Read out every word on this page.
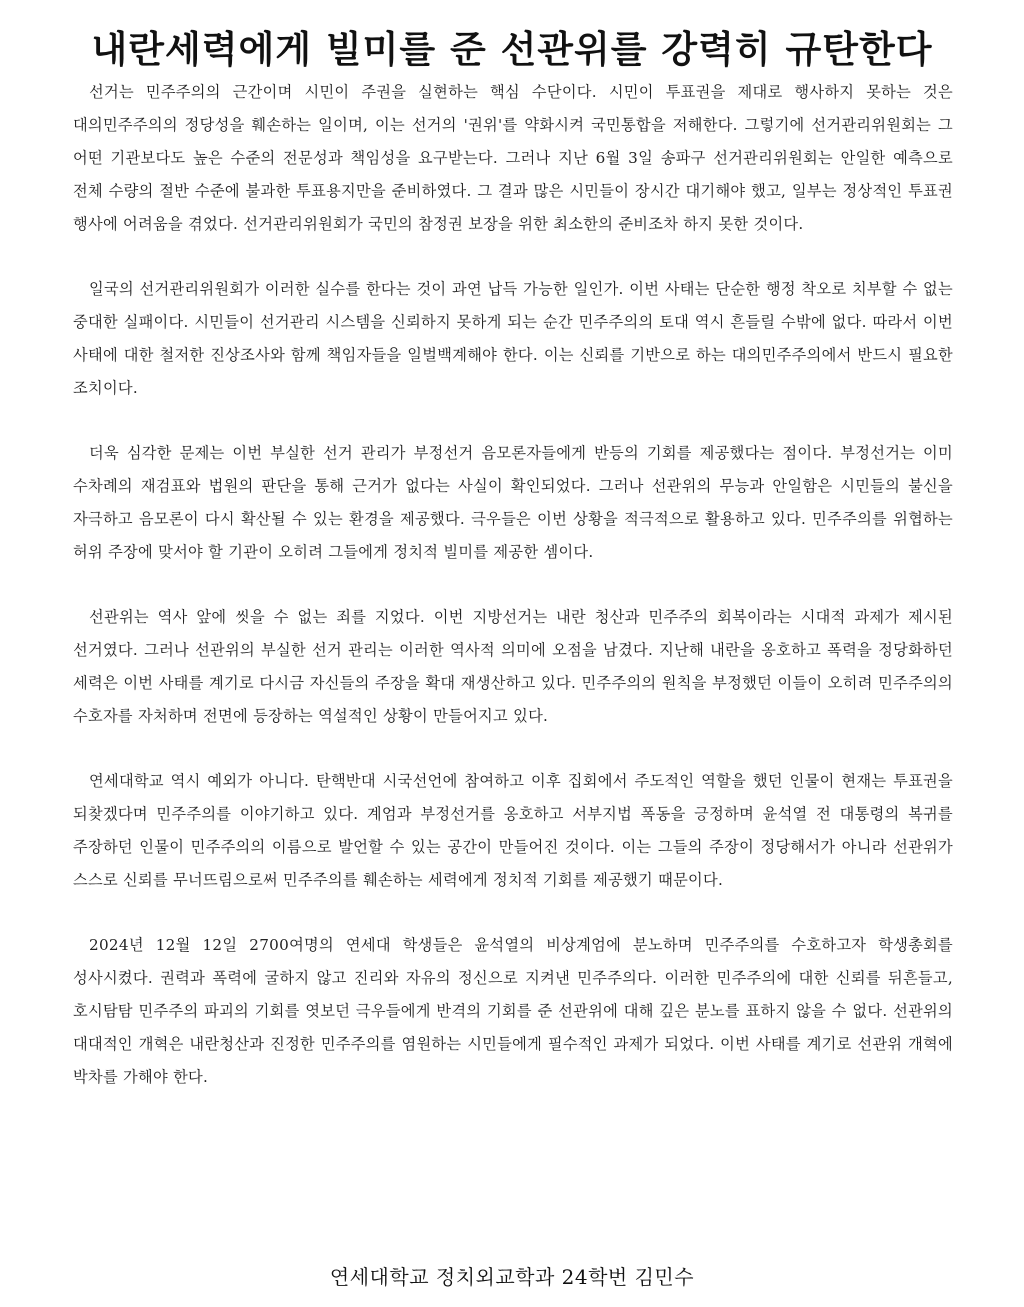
내란세력에게 빌미를 준 선관위를 강력히 규탄한다

선거는 민주주의의 근간이며 시민이 주권을 실현하는 핵심 수단이다. 시민이 투표권을 제대로 행사하지 못하는 것은 대의민주주의의 정당성을 훼손하는 일이며, 이는 선거의 '권위'를 약화시켜 국민통합을 저해한다. 그렇기에 선거관리위원회는 그 어떤 기관보다도 높은 수준의 전문성과 책임성을 요구받는다. 그러나 지난 6월 3일 송파구 선거관리위원회는 안일한 예측으로 전체 수량의 절반 수준에 불과한 투표용지만을 준비하였다. 그 결과 많은 시민들이 장시간 대기해야 했고, 일부는 정상적인 투표권 행사에 어려움을 겪었다. 선거관리위원회가 국민의 참정권 보장을 위한 최소한의 준비조차 하지 못한 것이다.

일국의 선거관리위원회가 이러한 실수를 한다는 것이 과연 납득 가능한 일인가. 이번 사태는 단순한 행정 착오로 치부할 수 없는 중대한 실패이다. 시민들이 선거관리 시스템을 신뢰하지 못하게 되는 순간 민주주의의 토대 역시 흔들릴 수밖에 없다. 따라서 이번 사태에 대한 철저한 진상조사와 함께 책임자들을 일벌백계해야 한다. 이는 신뢰를 기반으로 하는 대의민주주의에서 반드시 필요한 조치이다.

더욱 심각한 문제는 이번 부실한 선거 관리가 부정선거 음모론자들에게 반등의 기회를 제공했다는 점이다. 부정선거는 이미 수차례의 재검표와 법원의 판단을 통해 근거가 없다는 사실이 확인되었다. 그러나 선관위의 무능과 안일함은 시민들의 불신을 자극하고 음모론이 다시 확산될 수 있는 환경을 제공했다. 극우들은 이번 상황을 적극적으로 활용하고 있다. 민주주의를 위협하는 허위 주장에 맞서야 할 기관이 오히려 그들에게 정치적 빌미를 제공한 셈이다.

선관위는 역사 앞에 씻을 수 없는 죄를 지었다. 이번 지방선거는 내란 청산과 민주주의 회복이라는 시대적 과제가 제시된 선거였다. 그러나 선관위의 부실한 선거 관리는 이러한 역사적 의미에 오점을 남겼다. 지난해 내란을 옹호하고 폭력을 정당화하던 세력은 이번 사태를 계기로 다시금 자신들의 주장을 확대 재생산하고 있다. 민주주의의 원칙을 부정했던 이들이 오히려 민주주의의 수호자를 자처하며 전면에 등장하는 역설적인 상황이 만들어지고 있다.

연세대학교 역시 예외가 아니다. 탄핵반대 시국선언에 참여하고 이후 집회에서 주도적인 역할을 했던 인물이 현재는 투표권을 되찾겠다며 민주주의를 이야기하고 있다. 계엄과 부정선거를 옹호하고 서부지법 폭동을 긍정하며 윤석열 전 대통령의 복귀를 주장하던 인물이 민주주의의 이름으로 발언할 수 있는 공간이 만들어진 것이다. 이는 그들의 주장이 정당해서가 아니라 선관위가 스스로 신뢰를 무너뜨림으로써 민주주의를 훼손하는 세력에게 정치적 기회를 제공했기 때문이다.

2024년 12월 12일 2700여명의 연세대 학생들은 윤석열의 비상계엄에 분노하며 민주주의를 수호하고자 학생총회를 성사시켰다. 권력과 폭력에 굴하지 않고 진리와 자유의 정신으로 지켜낸 민주주의다. 이러한 민주주의에 대한 신뢰를 뒤흔들고, 호시탐탐 민주주의 파괴의 기회를 엿보던 극우들에게 반격의 기회를 준 선관위에 대해 깊은 분노를 표하지 않을 수 없다. 선관위의 대대적인 개혁은 내란청산과 진정한 민주주의를 염원하는 시민들에게 필수적인 과제가 되었다. 이번 사태를 계기로 선관위 개혁에 박차를 가해야 한다.

연세대학교 정치외교학과 24학번 김민수
